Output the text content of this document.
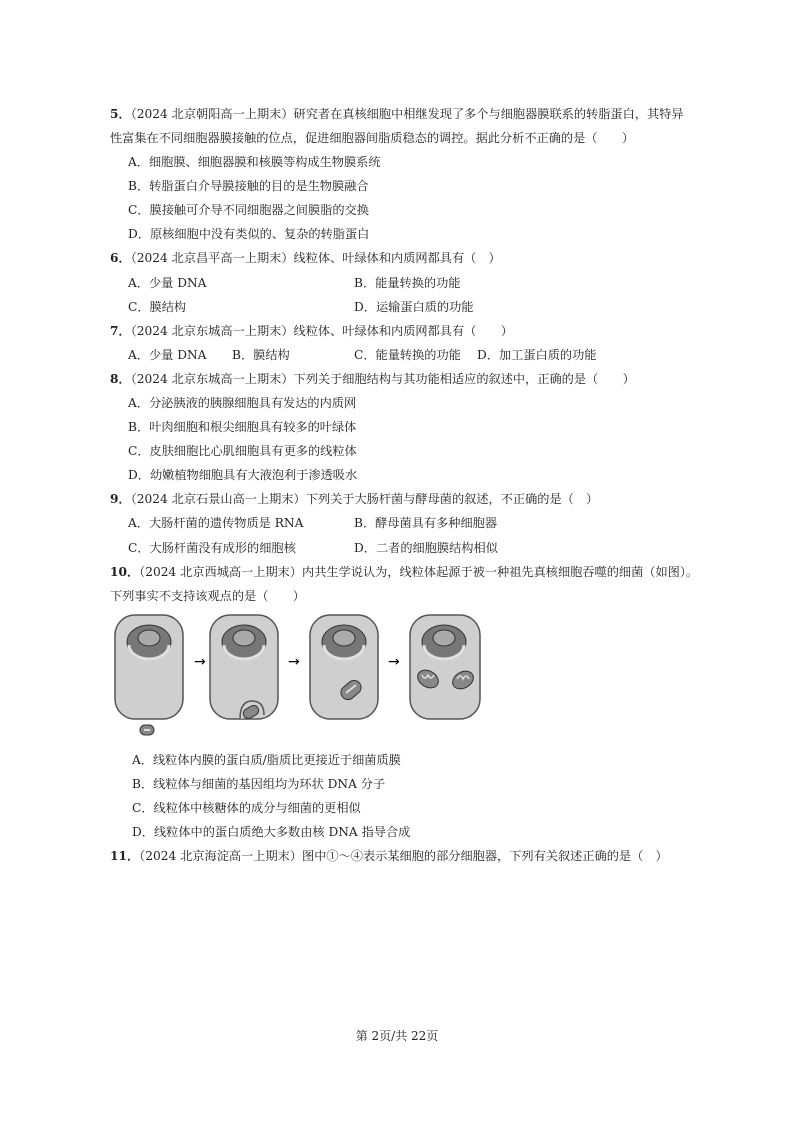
5．（2024 北京朝阳高一上期末）研究者在真核细胞中相继发现了多个与细胞器膜联系的转脂蛋白，其特异
性富集在不同细胞器膜接触的位点，促进细胞器间脂质稳态的调控。据此分析不正确的是（　　）
A．细胞膜、细胞器膜和核膜等构成生物膜系统
B．转脂蛋白介导膜接触的目的是生物膜融合
C．膜接触可介导不同细胞器之间膜脂的交换
D．原核细胞中没有类似的、复杂的转脂蛋白
6．（2024 北京昌平高一上期末）线粒体、叶绿体和内质网都具有（　）
A．少量 DNA	B．能量转换的功能
C．膜结构	D．运输蛋白质的功能
7．（2024 北京东城高一上期末）线粒体、叶绿体和内质网都具有（　　）
A．少量 DNA B．膜结构	C．能量转换的功能 D．加工蛋白质的功能
8．（2024 北京东城高一上期末）下列关于细胞结构与其功能相适应的叙述中，正确的是（　　）
A．分泌胰液的胰腺细胞具有发达的内质网
B．叶肉细胞和根尖细胞具有较多的叶绿体
C．皮肤细胞比心肌细胞具有更多的线粒体
D．幼嫩植物细胞具有大液泡利于渗透吸水
9．（2024 北京石景山高一上期末）下列关于大肠杆菌与酵母菌的叙述，不正确的是（　）
A．大肠杆菌的遗传物质是 RNA	B．酵母菌具有多种细胞器
C．大肠杆菌没有成形的细胞核	D．二者的细胞膜结构相似
10．（2024 北京西城高一上期末）内共生学说认为，线粒体起源于被一种祖先真核细胞吞噬的细菌（如图）。
下列事实不支持该观点的是（　　）
→	→	→
A．线粒体内膜的蛋白质/脂质比更接近于细菌质膜
B．线粒体与细菌的基因组均为环状 DNA 分子
C．线粒体中核糖体的成分与细菌的更相似
D．线粒体中的蛋白质绝大多数由核 DNA 指导合成
11．（2024 北京海淀高一上期末）图中①～④表示某细胞的部分细胞器，下列有关叙述正确的是（　）
第 2页/共 22页
